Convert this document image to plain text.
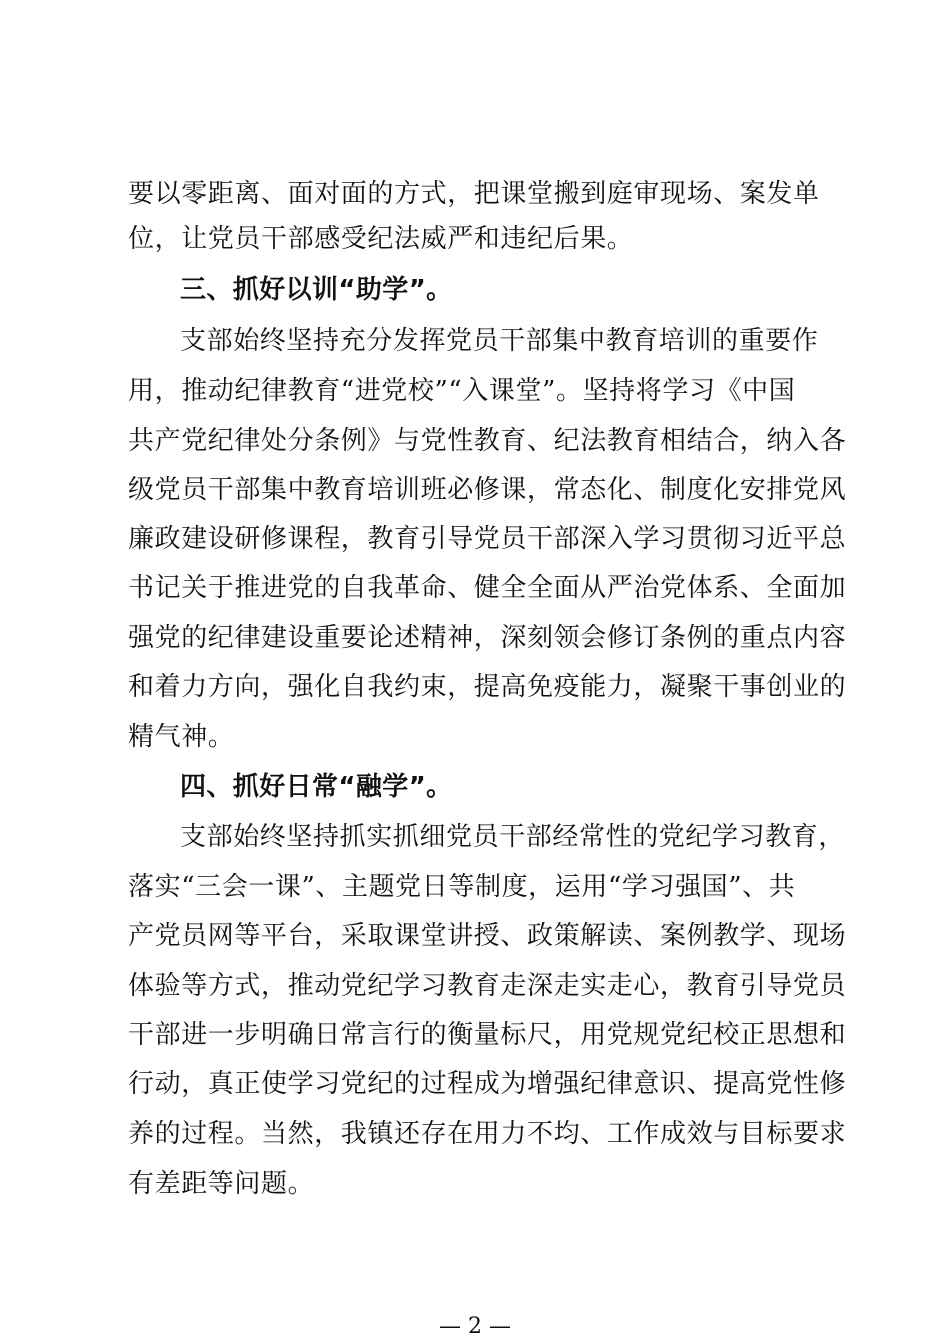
要以零距离、面对面的方式，把课堂搬到庭审现场、案发单
位，让党员干部感受纪法威严和违纪后果。
三、抓好以训“助学”。
支部始终坚持充分发挥党员干部集中教育培训的重要作
用，推动纪律教育“进党校”“入课堂”。坚持将学习《中国
共产党纪律处分条例》与党性教育、纪法教育相结合，纳入各
级党员干部集中教育培训班必修课，常态化、制度化安排党风
廉政建设研修课程，教育引导党员干部深入学习贯彻习近平总
书记关于推进党的自我革命、健全全面从严治党体系、全面加
强党的纪律建设重要论述精神，深刻领会修订条例的重点内容
和着力方向，强化自我约束，提高免疫能力，凝聚干事创业的
精气神。
四、抓好日常“融学”。
支部始终坚持抓实抓细党员干部经常性的党纪学习教育，
落实“三会一课”、主题党日等制度，运用“学习强国”、共
产党员网等平台，采取课堂讲授、政策解读、案例教学、现场
体验等方式，推动党纪学习教育走深走实走心，教育引导党员
干部进一步明确日常言行的衡量标尺，用党规党纪校正思想和
行动，真正使学习党纪的过程成为增强纪律意识、提高党性修
养的过程。当然，我镇还存在用力不均、工作成效与目标要求
有差距等问题。
— 2 —
